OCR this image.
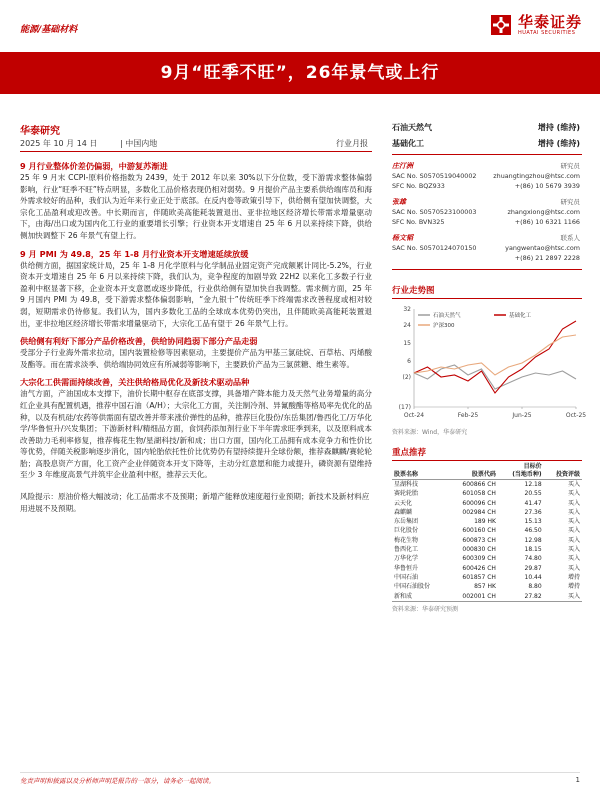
能源/基础材料	华泰证券
HUATAI SECURITIES
9月“旺季不旺”，26年景气或上行
华泰研究
2025 年 10 月 14 日	| 中国内地	行业月报
9 月行业整体价差仍偏弱，中游复苏渐进
25 年 9 月末 CCPI-原料价格指数为 2439，处于 2012 年以来 30%以下分位数，受下游需求整体偏弱影响，行业“旺季不旺”特点明显，多数化工品价格表现仍相对弱势。9 月提价产品主要系供给端库员和海外需求较好的品种，我们认为近年来行业正处于底部。在反内卷等政策引导下，供给侧有望加快调整，大宗化工品盈利或迎改善。中长期而言，伴随欧美高能耗装置退出、亚非拉地区经济增长带需求增量驱动下，由海/出口或为国内化工行业的重要增长引擎；行业资本开支增速自 25 年 6 月以来持续下降，供给侧加快调整下 26 年景气有望上行。
9 月 PMI 为 49.8，25 年 1-8 月行业资本开支增速延续放缓
供给侧方面，据国家统计局，25 年 1-8 月化学原料与化学制品业固定资产完成额累计同比-5.2%，行业资本开支增速自 25 年 6 月以来持续下降，我们认为，竞争程度的加剧导致 22H2 以来化工多数子行业盈利中枢显著下移，企业资本开支意愿或逐步降低，行业供给侧有望加快自我调整。需求侧方面，25 年 9 月国内 PMI 为 49.8，受下游需求整体偏弱影响，“金九银十”传统旺季下终端需求改善程度或相对较弱，短期需求仍待修复。我们认为，国内多数化工品的全球成本优势仍突出，且伴随欧美高能耗装置退出，亚非拉地区经济增长带需求增量驱动下，大宗化工品有望于 26 年景气上行。
供给侧有利好下部分产品价格改善，供给协同趋弱下部分产品走弱
受部分子行业海外需求拉动，国内装置检修等因素驱动，主要提价产品为甲基三氯硅烷、百草枯、丙烯酸及酯等。而在需求淡季、供给端协同效应有所减弱等影响下，主要跌价产品为三氯蔗糖、维生素等。
大宗化工供需面持续改善，关注供给格局优化及新技术驱动品种
油气方面，产油国成本支撑下，油价长期中枢存在底部支撑，具备增产降本能力及天然气业务增量的高分红企业具有配置机遇，推荐中国石油（A/H）；大宗化工方面，关注制冷剂、异氰酸酯等格局率先优化的品种，以及有机硅/农药等供需面有望改善并带来涨价弹性的品种，推荐巨化股份/东岳集团/鲁西化工/万华化学/华鲁恒升/兴发集团；下游新材料/精细品方面，食饲药添加剂行业下半年需求旺季到来，以及原料成本改善助力毛利率修复，推荐梅花生物/星湖科技/新和成；出口方面，国内化工品拥有成本竞争力和性价比等优势，伴随关税影响逐步消化，国内轮胎依托性价比优势仍有望持续提升全球份额，推荐森麒麟/赛轮轮胎；高股息资产方面，化工资产企业伴随资本开支下降等，主动分红意愿和能力或提升，磷资源有望维持至少 3 年维度高景气并筑牢企业盈利中枢，推荐云天化。
风险提示：原油价格大幅波动；化工品需求不及预期；新增产能释放速度超行业预期；新技术及新材料应用进展不及预期。
石油天然气	增持 (维持)
基础化工	增持 (维持)
庄汀洲	研究员
SAC No. S0570519040002	zhuangtingzhou@htsc.com
SFC No. BQZ933	+(86) 10 5679 3939
张雄	研究员
SAC No. S0570523100003	zhangxiong@htsc.com
SFC No. BVN325	+(86) 10 6321 1166
杨文韬	联系人
SAC No. S0570124070150	yangwentao@htsc.com
+(86) 21 2897 2228
行业走势图
32
24
15
6
(2)
(17)
Oct-24	Feb-25	Jun-25	Oct-25
石油天然气	基础化工
沪深300
资料来源：Wind，华泰研究
重点推荐
		目标价	
股票名称	股票代码	(当地币种)	投资评级
星湖科技	600866 CH	12.18	买入
赛轮轮胎	601058 CH	20.55	买入
云天化	600096 CH	41.47	买入
森麒麟	002984 CH	27.36	买入
东岳集团	189 HK	15.13	买入
巨化股份	600160 CH	46.50	买入
梅花生物	600873 CH	12.98	买入
鲁西化工	000830 CH	18.15	买入
万华化学	600309 CH	74.80	买入
华鲁恒升	600426 CH	29.87	买入
中国石油	601857 CH	10.44	增持
中国石油股份	857 HK	8.80	增持
新和成	002001 CH	27.82	买入
资料来源：华泰研究预测
免责声明和披露以及分析师声明是报告的一部分，请务必一起阅读。	1
